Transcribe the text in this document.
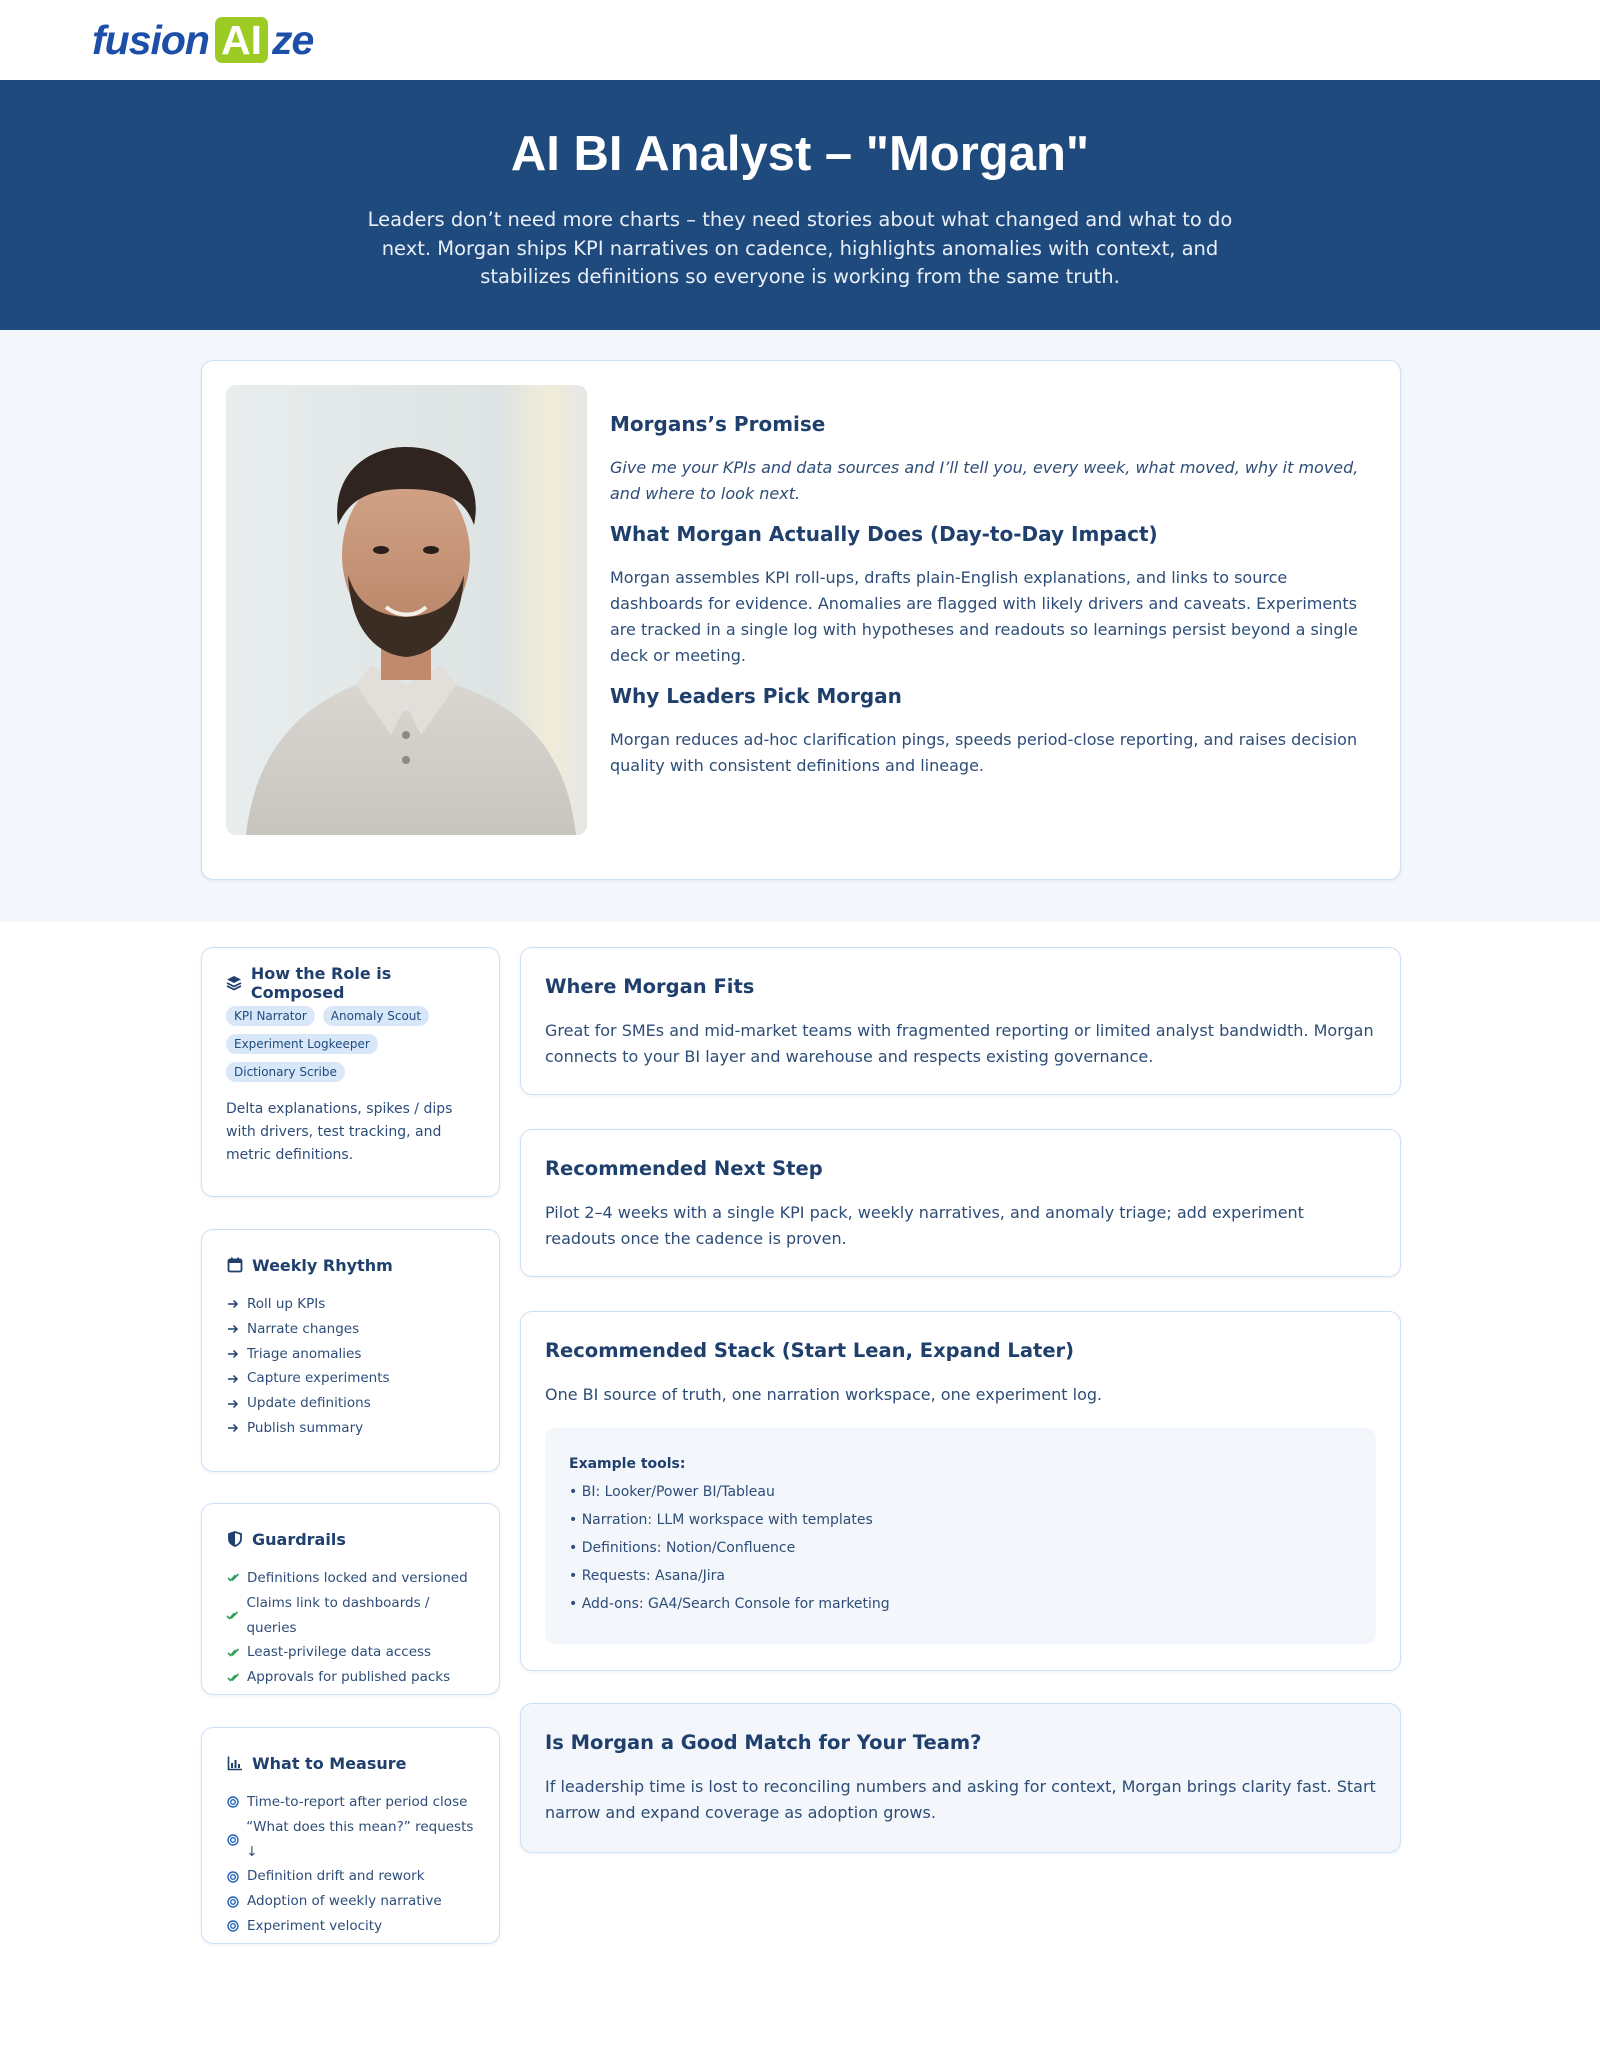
fusion AI ze
AI BI Analyst – "Morgan"

Leaders don’t need more charts – they need stories about what changed and what to do next. Morgan ships KPI narratives on cadence, highlights anomalies with context, and stabilizes definitions so everyone is working from the same truth.

Morgans’s Promise

Give me your KPIs and data sources and I’ll tell you, every week, what moved, why it moved, and where to look next.

What Morgan Actually Does (Day-to-Day Impact)

Morgan assembles KPI roll-ups, drafts plain-English explanations, and links to source dashboards for evidence. Anomalies are flagged with likely drivers and caveats. Experiments are tracked in a single log with hypotheses and readouts so learnings persist beyond a single deck or meeting.

Why Leaders Pick Morgan

Morgan reduces ad-hoc clarification pings, speeds period-close reporting, and raises decision quality with consistent definitions and lineage.

How the Role is Composed
KPI Narrator	Anomaly Scout
Experiment Logkeeper
Dictionary Scribe

Delta explanations, spikes / dips with drivers, test tracking, and metric definitions.

Weekly Rhythm
Roll up KPIs
Narrate changes
Triage anomalies
Capture experiments
Update definitions
Publish summary
Guardrails
Definitions locked and versioned
Claims link to dashboards / queries
Least-privilege data access
Approvals for published packs
What to Measure
Time-to-report after period close
“What does this mean?” requests ↓
Definition drift and rework
Adoption of weekly narrative
Experiment velocity
Where Morgan Fits

Great for SMEs and mid-market teams with fragmented reporting or limited analyst bandwidth. Morgan connects to your BI layer and warehouse and respects existing governance.

Recommended Next Step

Pilot 2–4 weeks with a single KPI pack, weekly narratives, and anomaly triage; add experiment readouts once the cadence is proven.

Recommended Stack (Start Lean, Expand Later)

One BI source of truth, one narration workspace, one experiment log.

Example tools:
• BI: Looker/Power BI/Tableau
• Narration: LLM workspace with templates
• Definitions: Notion/Confluence
• Requests: Asana/Jira
• Add-ons: GA4/Search Console for marketing
Is Morgan a Good Match for Your Team?

If leadership time is lost to reconciling numbers and asking for context, Morgan brings clarity fast. Start narrow and expand coverage as adoption grows.
